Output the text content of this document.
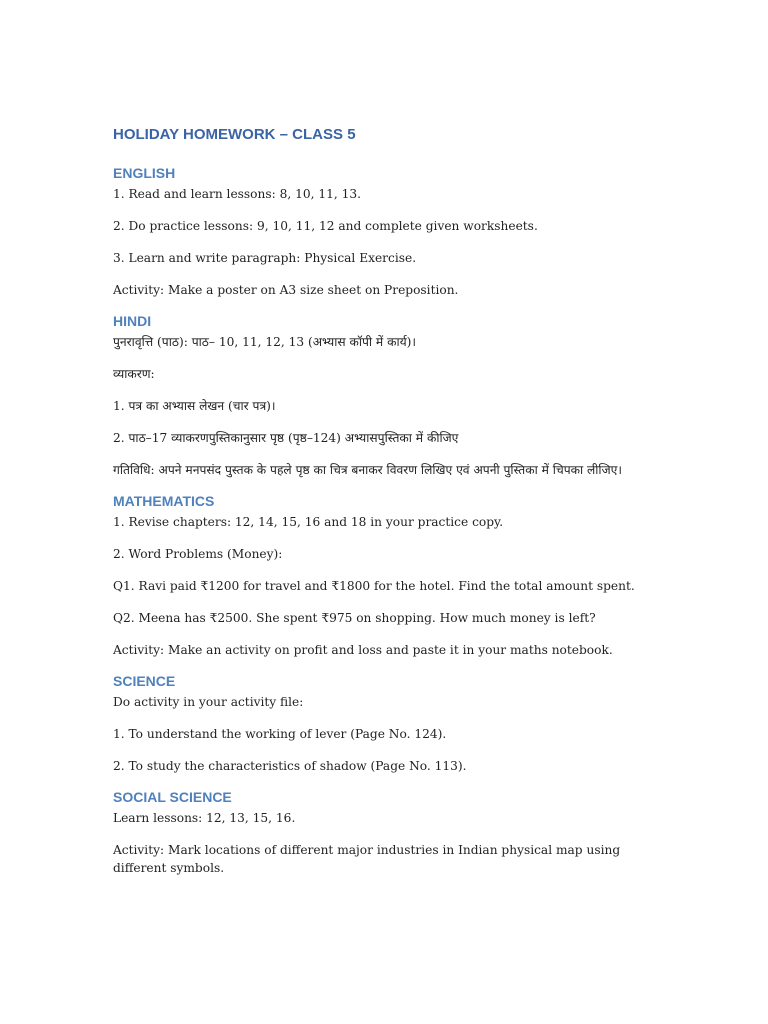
HOLIDAY HOMEWORK – CLASS 5
ENGLISH

1. Read and learn lessons: 8, 10, 11, 13.

2. Do practice lessons: 9, 10, 11, 12 and complete given worksheets.

3. Learn and write paragraph: Physical Exercise.

Activity: Make a poster on A3 size sheet on Preposition.

HINDI

पुनरावृत्ति (पाठ): पाठ– 10, 11, 12, 13 (अभ्यास कॉपी में कार्य)।

व्याकरण:

1. पत्र का अभ्यास लेखन (चार पत्र)।

2. पाठ–17 व्याकरणपुस्तिकानुसार पृष्ठ (पृष्ठ–124) अभ्यासपुस्तिका में कीजिए

गतिविधि: अपने मनपसंद पुस्तक के पहले पृष्ठ का चित्र बनाकर विवरण लिखिए एवं अपनी पुस्तिका में चिपका लीजिए।

MATHEMATICS

1. Revise chapters: 12, 14, 15, 16 and 18 in your practice copy.

2. Word Problems (Money):

Q1. Ravi paid ₹1200 for travel and ₹1800 for the hotel. Find the total amount spent.

Q2. Meena has ₹2500. She spent ₹975 on shopping. How much money is left?

Activity: Make an activity on profit and loss and paste it in your maths notebook.

SCIENCE

Do activity in your activity file:

1. To understand the working of lever (Page No. 124).

2. To study the characteristics of shadow (Page No. 113).

SOCIAL SCIENCE

Learn lessons: 12, 13, 15, 16.

Activity: Mark locations of different major industries in Indian physical map using different symbols.
